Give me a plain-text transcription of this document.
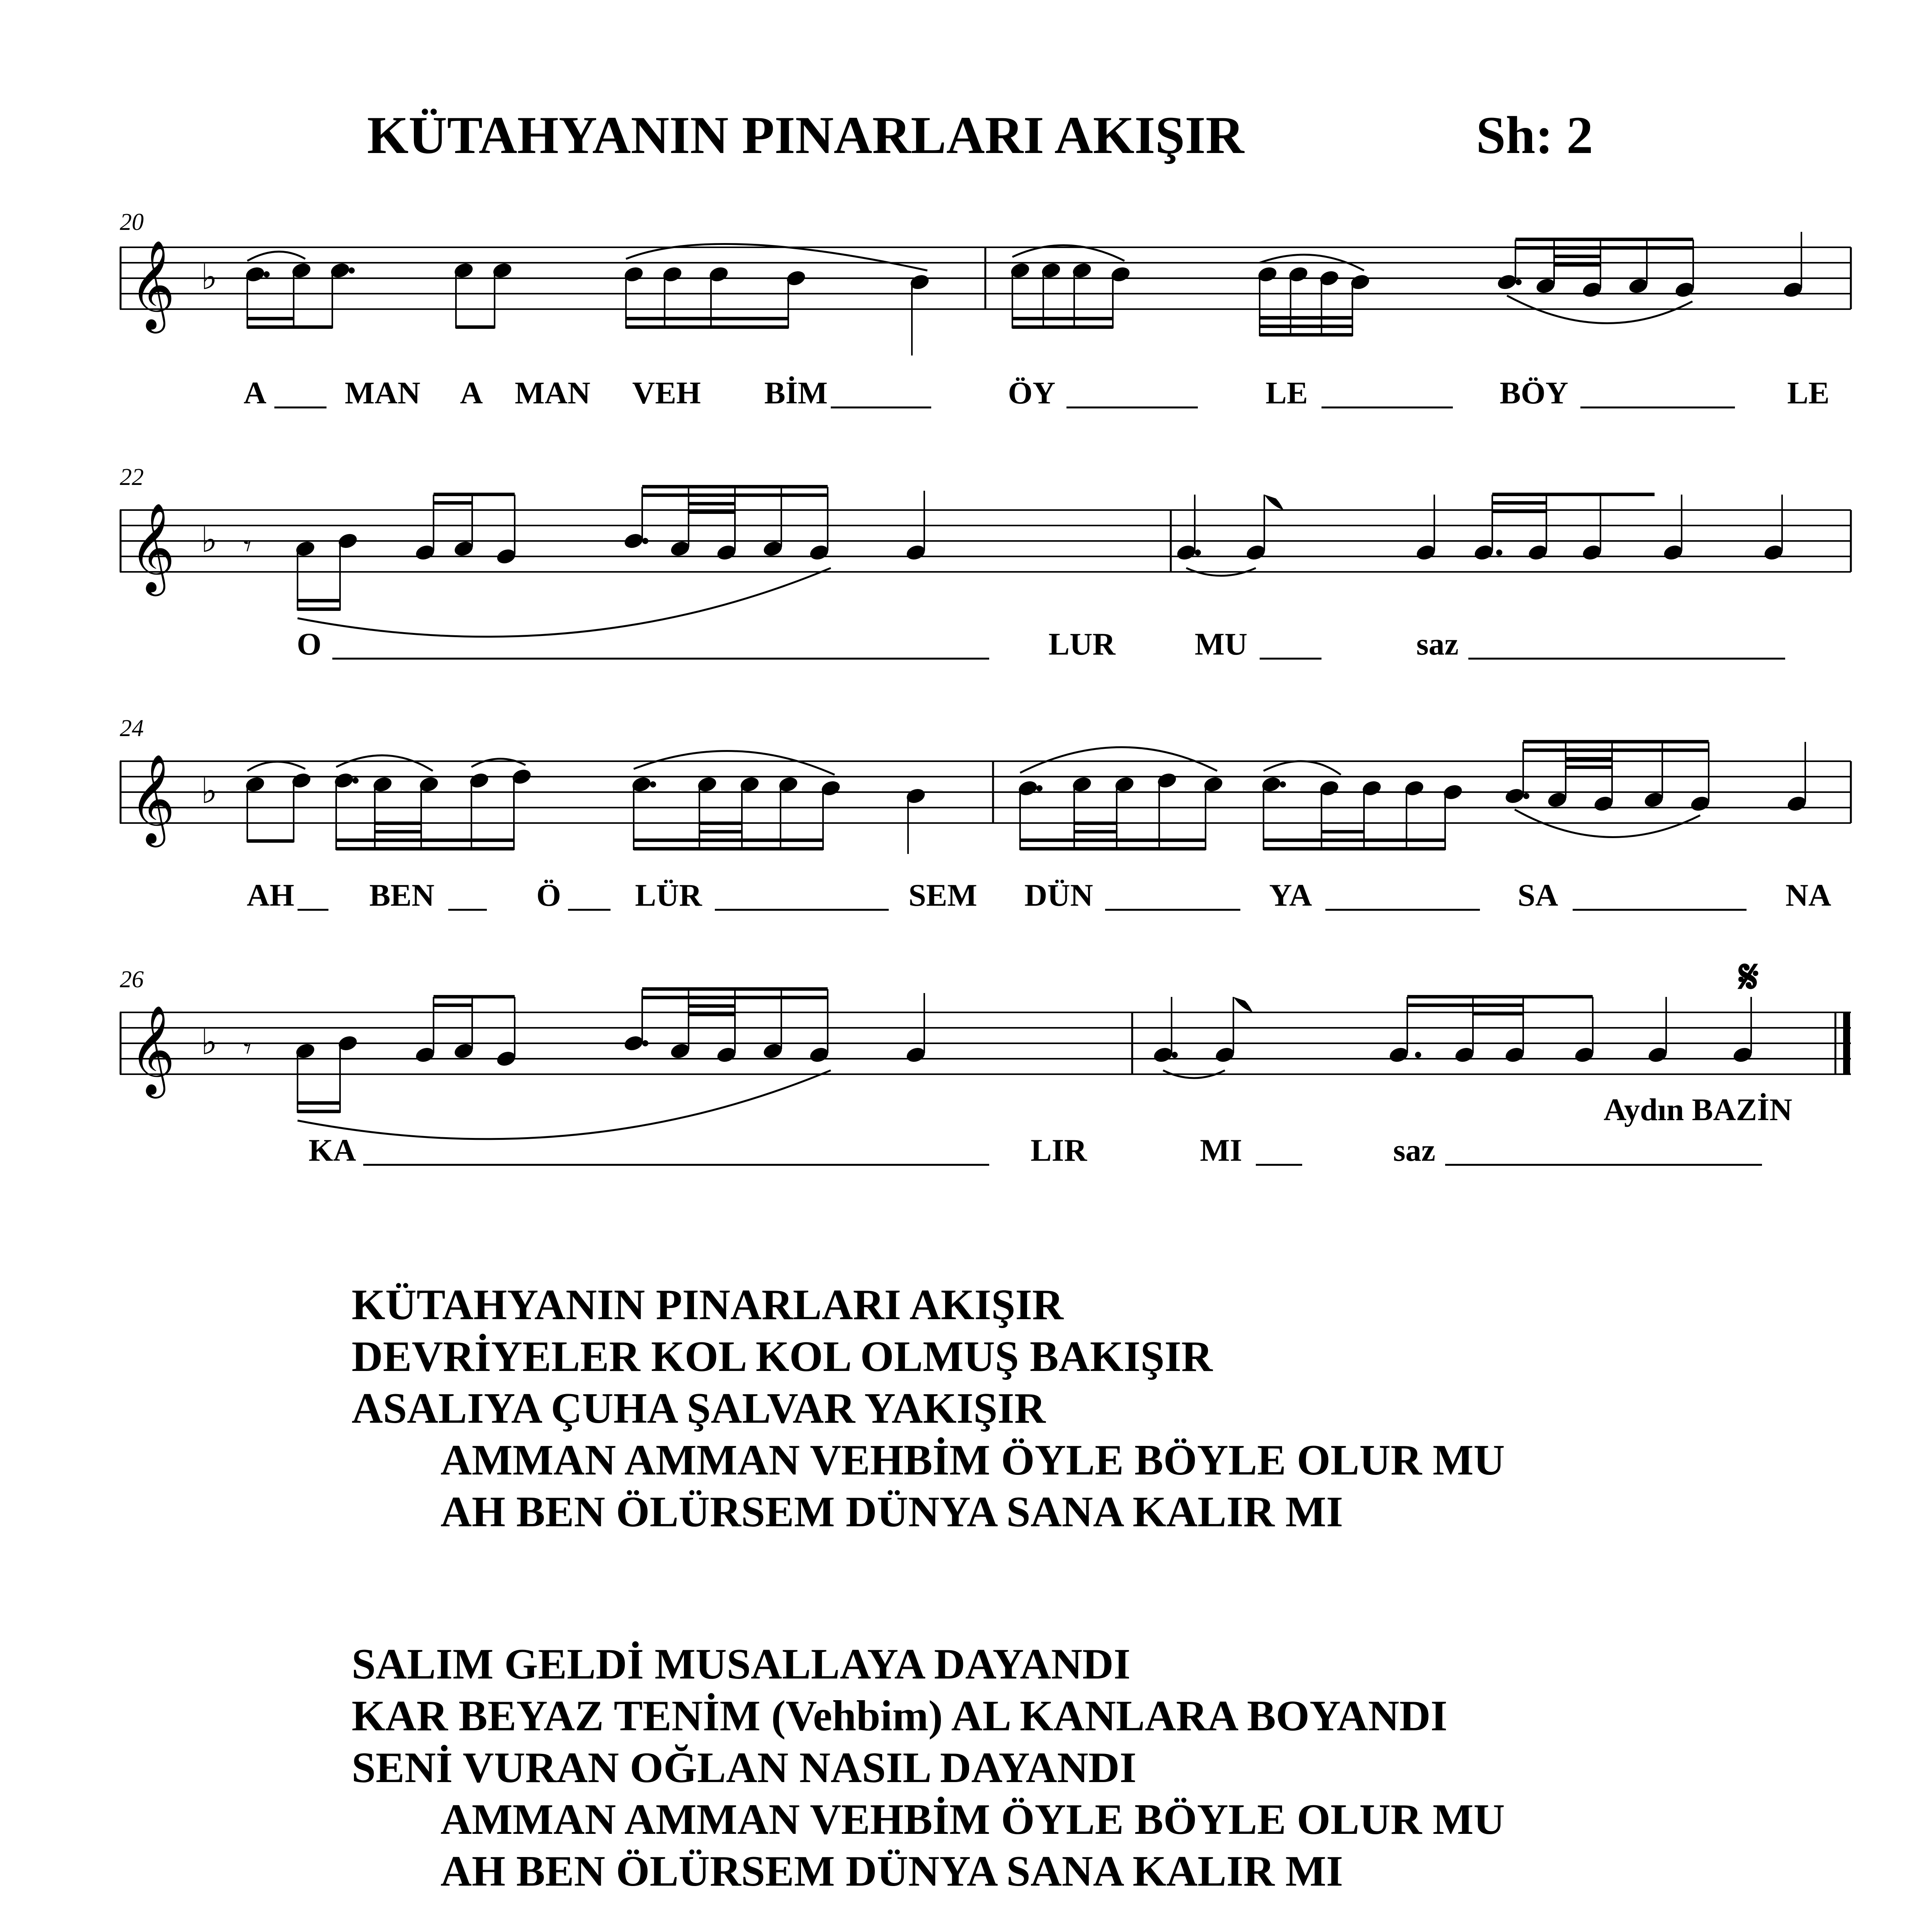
KÜTAHYANIN PINARLARI AKIŞIR	Sh: 2
20
𝄞 ♭
A MAN A MAN VEH BİM	ÖY	LE	BÖY	LE
22
𝄞 ♭ 𝄾
O	LUR	MU	saz
24
𝄞 ♭
AH BEN	Ö LÜR	SEM DÜN	YA	SA	NA
26
𝄞 ♭ 𝄾
𝄋
Aydın BAZİN
KA	LIR	MI	saz
KÜTAHYANIN PINARLARI AKIŞIR
DEVRİYELER KOL KOL OLMUŞ BAKIŞIR
ASALIYA ÇUHA ŞALVAR YAKIŞIR
AMMAN AMMAN VEHBİM ÖYLE BÖYLE OLUR MU
AH BEN ÖLÜRSEM DÜNYA SANA KALIR MI
SALIM GELDİ MUSALLAYA DAYANDI
KAR BEYAZ TENİM (Vehbim) AL KANLARA BOYANDI
SENİ VURAN OĞLAN NASIL DAYANDI
AMMAN AMMAN VEHBİM ÖYLE BÖYLE OLUR MU
AH BEN ÖLÜRSEM DÜNYA SANA KALIR MI
